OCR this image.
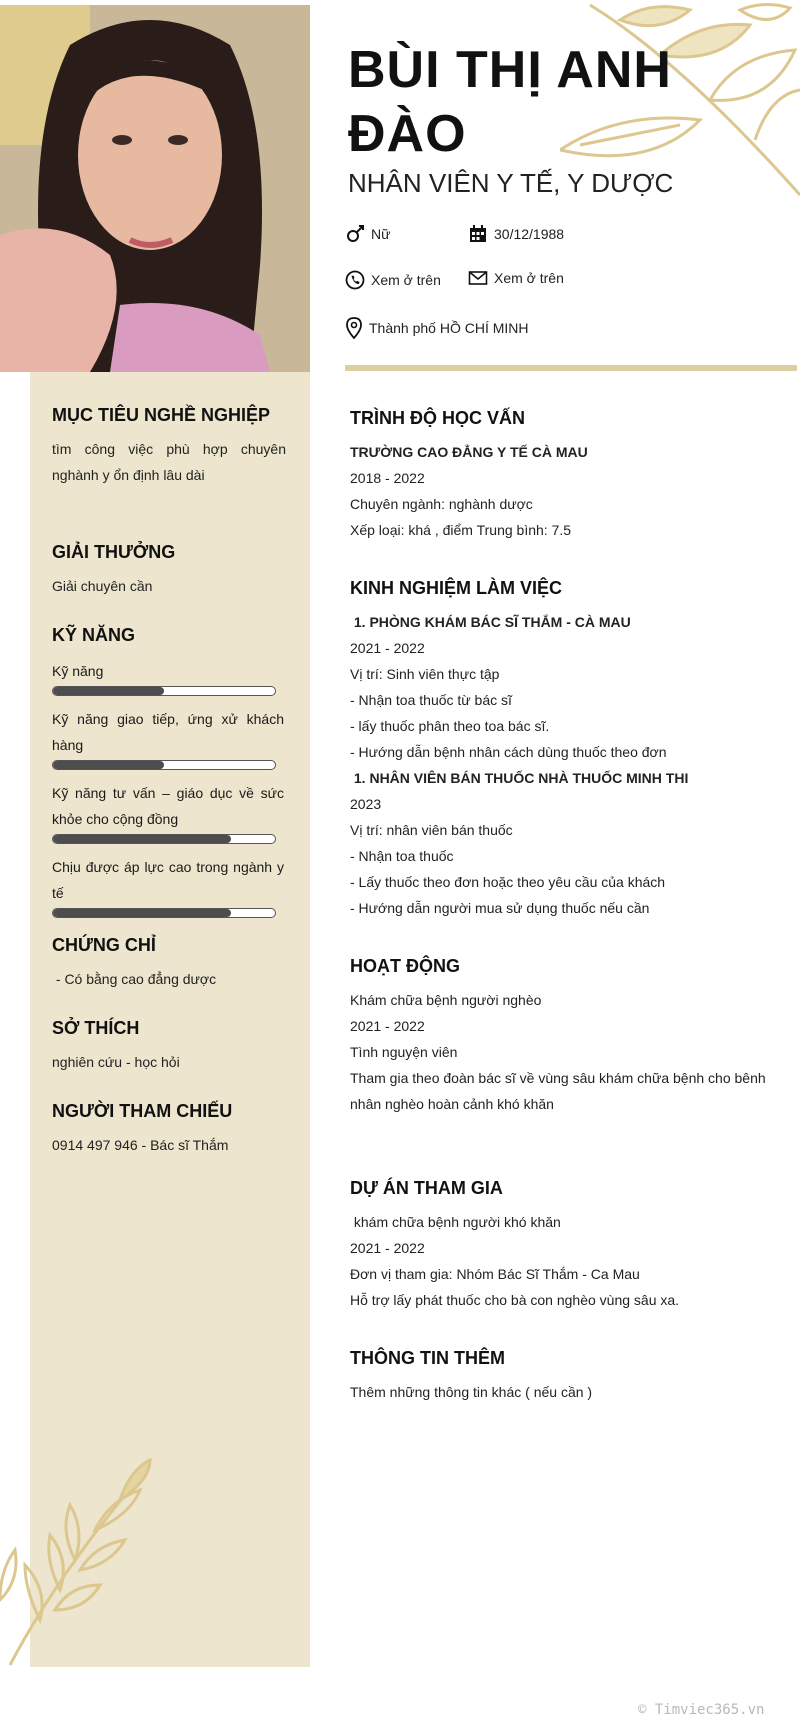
BÙI THỊ ANH ĐÀO
NHÂN VIÊN Y TẾ, Y DƯỢC
Nữ	30/12/1988
Xem ở trên	Xem ở trên
Thành phố HỒ CHÍ MINH
MỤC TIÊU NGHỀ NGHIỆP
tìm công việc phù hợp chuyên nghành y ổn định lâu dài
GIẢI THƯỞNG
Giải chuyên cần
KỸ NĂNG
Kỹ năng
Kỹ năng giao tiếp, ứng xử khách hàng
Kỹ năng tư vấn – giáo dục về sức khỏe cho cộng đồng
Chịu được áp lực cao trong ngành y tế
CHỨNG CHỈ
- Có bằng cao đẳng dược
SỞ THÍCH
nghiên cứu - học hỏi
NGƯỜI THAM CHIẾU
0914 497 946 - Bác sĩ Thắm
TRÌNH ĐỘ HỌC VẤN
TRƯỜNG CAO ĐẲNG Y TẾ CÀ MAU
2018 - 2022
Chuyên ngành: nghành dược
Xếp loại: khá , điểm Trung bình: 7.5
KINH NGHIỆM LÀM VIỆC
1. PHÒNG KHÁM BÁC SĨ THẮM - CÀ MAU
2021 - 2022
Vị trí: Sinh viên thực tập
- Nhận toa thuốc từ bác sĩ
- lấy thuốc phân theo toa bác sĩ.
- Hướng dẫn bệnh nhân cách dùng thuốc theo đơn
1. NHÂN VIÊN BÁN THUỐC NHÀ THUỐC MINH THI
2023
Vị trí: nhân viên bán thuốc
- Nhận toa thuốc
- Lấy thuốc theo đơn hoặc theo yêu cầu của khách
- Hướng dẫn người mua sử dụng thuốc nếu cần
HOẠT ĐỘNG
Khám chữa bệnh người nghèo
2021 - 2022
Tình nguyện viên
Tham gia theo đoàn bác sĩ về vùng sâu khám chữa bệnh cho bênh nhân nghèo hoàn cảnh khó khăn
DỰ ÁN THAM GIA
khám chữa bệnh người khó khăn
2021 - 2022
Đơn vị tham gia: Nhóm Bác Sĩ Thắm - Ca Mau
Hỗ trợ lấy phát thuốc cho bà con nghèo vùng sâu xa.
THÔNG TIN THÊM
Thêm những thông tin khác ( nếu cần )
© Timviec365.vn
